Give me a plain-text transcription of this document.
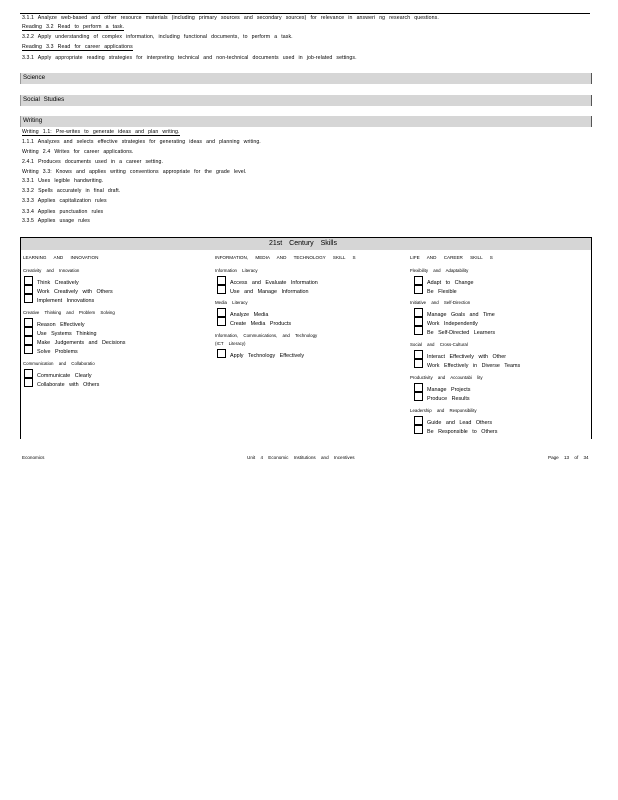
3.1.1 Analyze web-based and other resource materials (including primary sources and secondary sources) for relevance in answeri ng research questions.
Reading 3.2 Read to perform a task.
3.2.2 Apply understanding of complex information, including functional documents, to perform a task.
Reading 3.3 Read for career applications
3.3.1 Apply appropriate reading strategies for interpreting technical and non-technical documents used in job-related settings.
Science
Social Studies
Writing
Writing 1.1: Pre-writes to generate ideas and plan writing.
1.1.1 Analyzes and selects effective strategies for generating ideas and planning writing.
Writing 2.4 Writes for career applications.
2.4.1 Produces documents used in a career setting.
Writing 3.3: Knows and applies writing conventions appropriate for the grade level.
3.3.1 Uses legible handwriting.
3.3.2 Spells accurately in final draft.
3.3.3 Applies capitalization rules
3.3.4 Applies punctuation rules
3.3.5 Applies usage rules
21st Century Skills
LEARNING AND INNOVATION
Creativity and Innovation
Think Creatively
Work Creatively with Others
Implement Innovations
Creative Thinking and Problem Solving
Reason Effectively
Use Systems Thinking
Make Judgements and Decisions
Solve Problems
Communication and Collaboratio
Communicate Clearly
Collaborate with Others
INFORMATION, MEDIA AND TECHNOLOGY SKILL S
Information Literacy
Access and Evaluate Information
Use and Manage Information
Media Literacy
Analyze Media
Create Media Products
Information, Communications, and Technology
(ICT Literacy)
Apply Technology Effectively
LIFE AND CAREER SKILL S
Flexibility and Adaptability
Adapt to Change
Be Flexible
Initiative and Self-Direction
Manage Goals and Time
Work Independently
Be Self-Directed Learners
Social and Cross-Cultural
Interact Effectively with Other
Work Effectively in Diverse Teams
Productivity and Accountabi lity
Manage Projects
Produce Results
Leadership and Responsibility
Guide and Lead Others
Be Responsible to Others
Economics	Unit 4 Economic Institutions and Incentives	Page 13 of 34
